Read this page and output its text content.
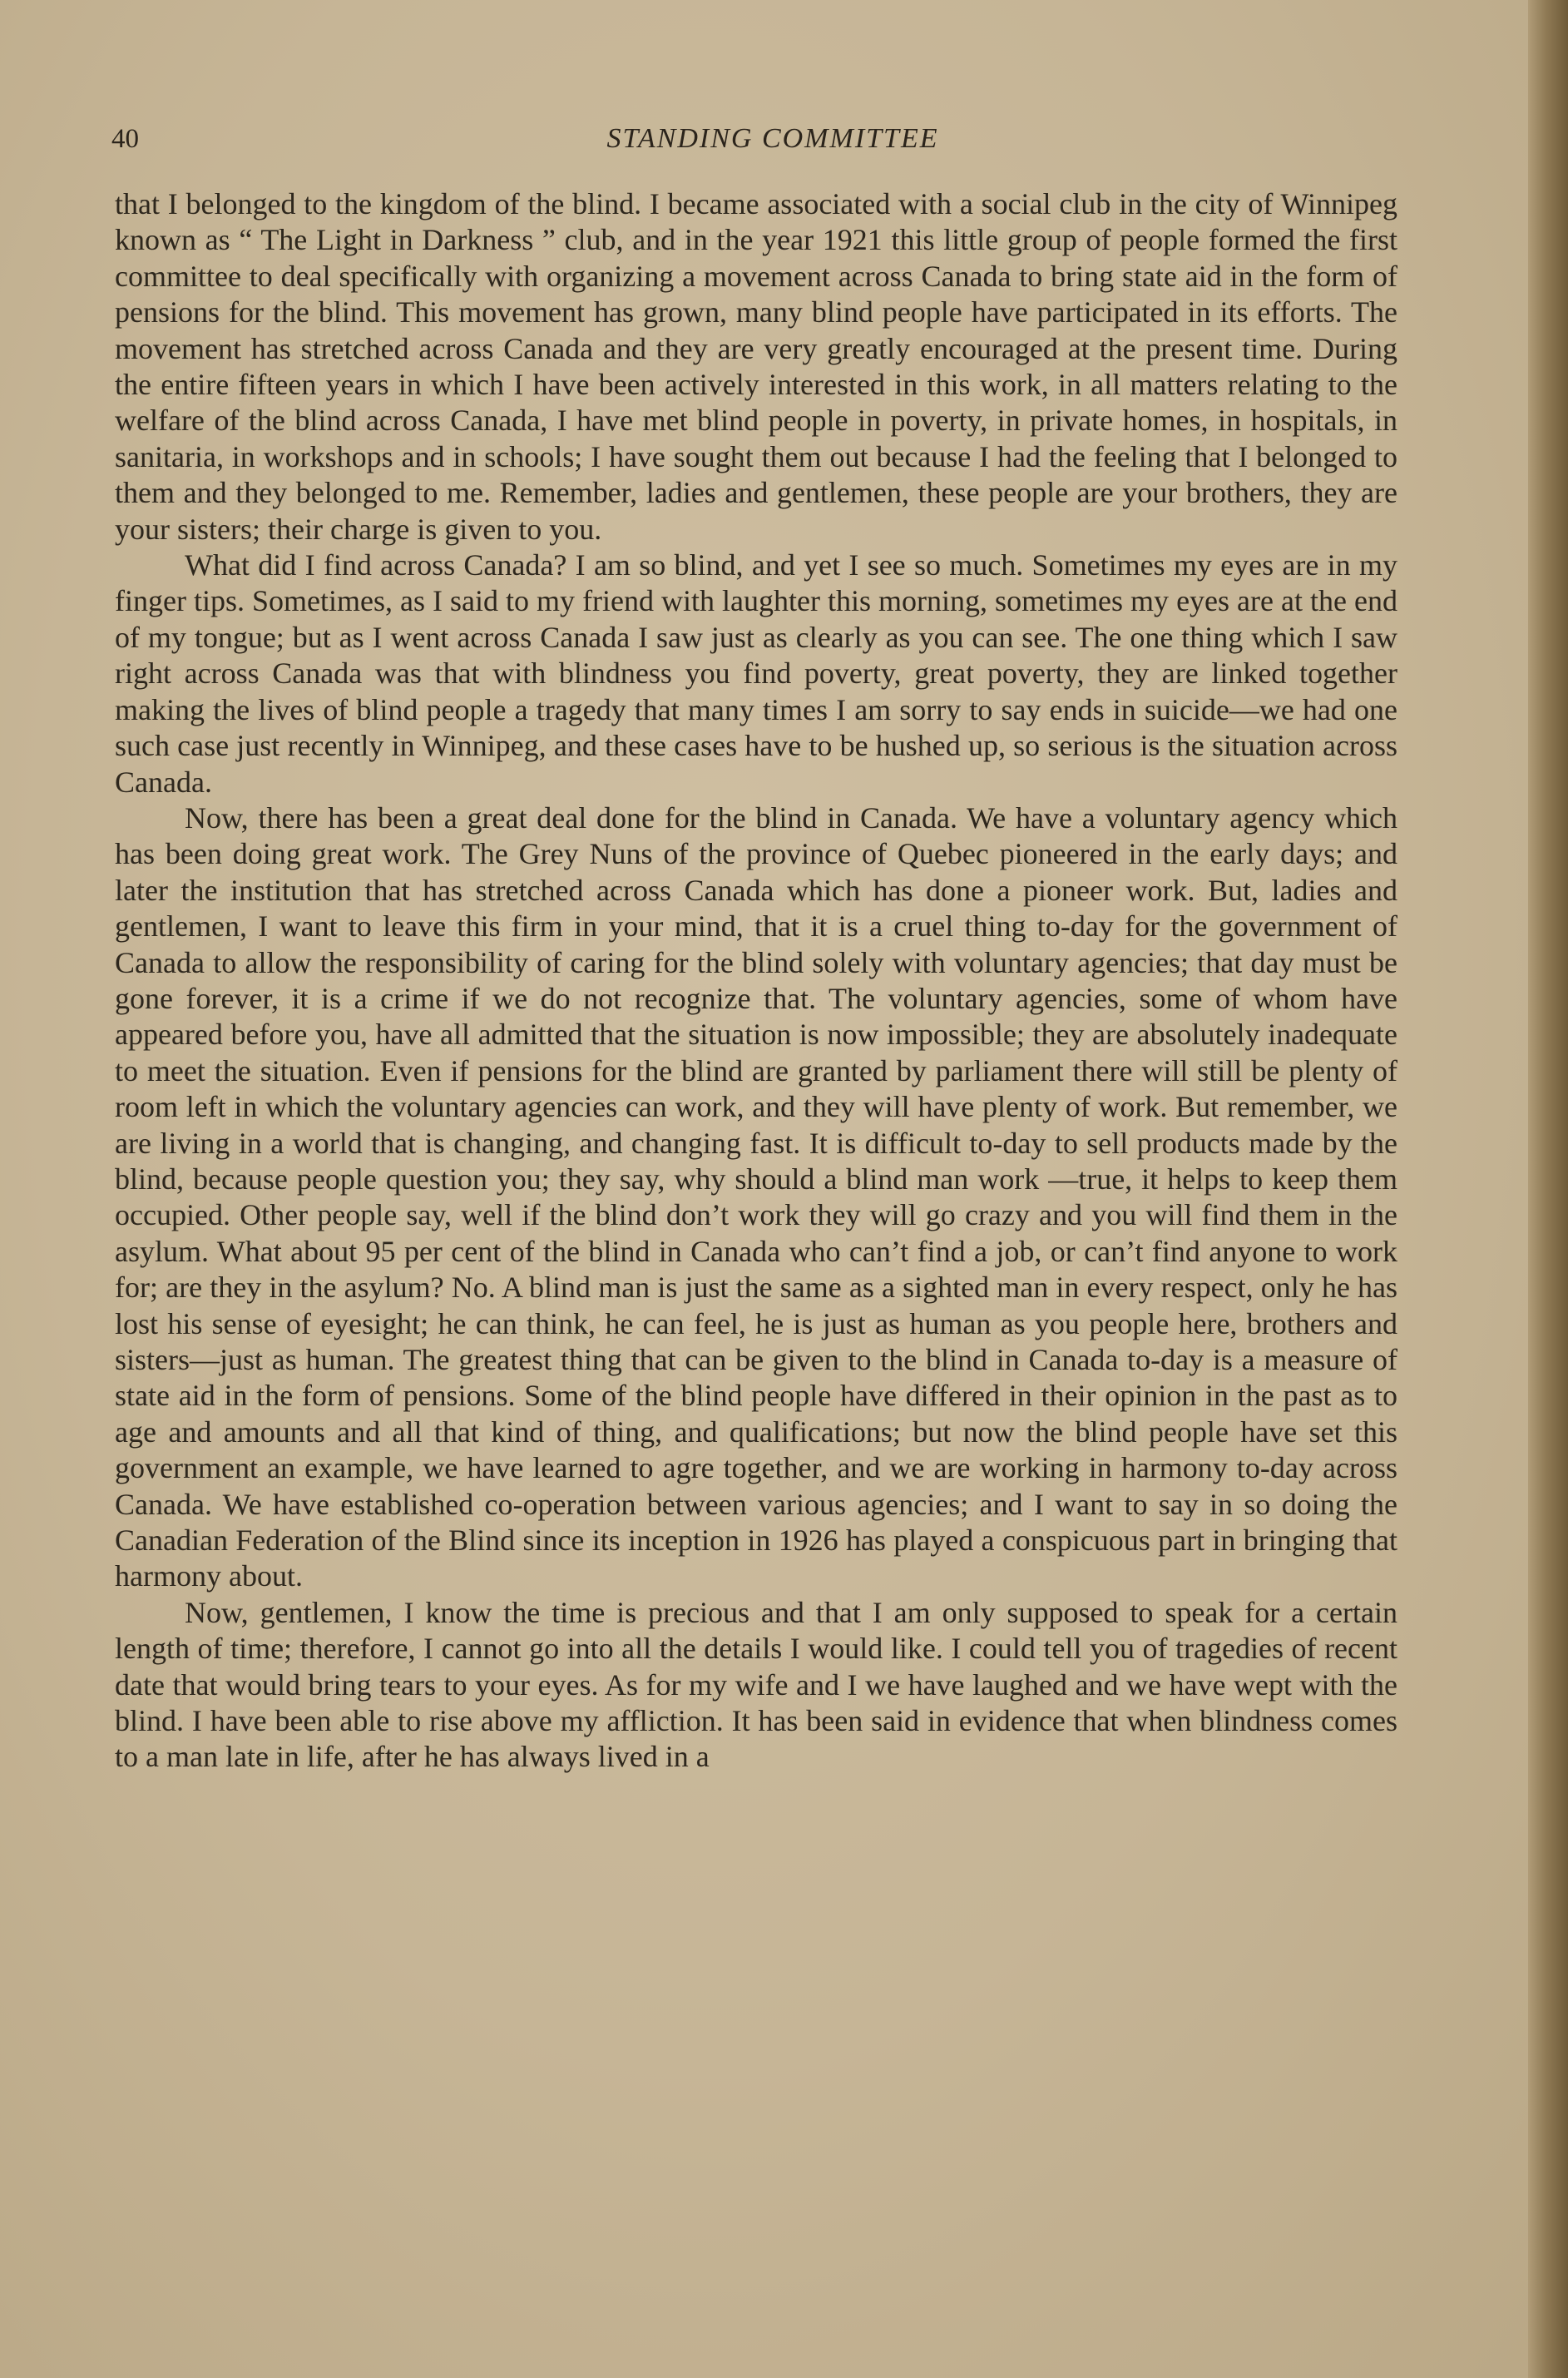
40	STANDING COMMITTEE

that I belonged to the kingdom of the blind. I became associated with a social club in the city of Winnipeg known as “ The Light in Darkness ” club, and in the year 1921 this little group of people formed the first committee to deal specifically with organizing a movement across Canada to bring state aid in the form of pensions for the blind. This movement has grown, many blind people have participated in its efforts. The movement has stretched across Canada and they are very greatly encouraged at the present time. During the entire fifteen years in which I have been actively interested in this work, in all matters relating to the welfare of the blind across Canada, I have met blind people in poverty, in private homes, in hospitals, in sanitaria, in workshops and in schools; I have sought them out because I had the feeling that I belonged to them and they belonged to me. Remember, ladies and gentlemen, these people are your brothers, they are your sisters; their charge is given to you.

What did I find across Canada? I am so blind, and yet I see so much. Sometimes my eyes are in my finger tips. Sometimes, as I said to my friend with laughter this morning, sometimes my eyes are at the end of my tongue; but as I went across Canada I saw just as clearly as you can see. The one thing which I saw right across Canada was that with blindness you find poverty, great poverty, they are linked together making the lives of blind people a tragedy that many times I am sorry to say ends in suicide—we had one such case just recently in Winnipeg, and these cases have to be hushed up, so serious is the situation across Canada.

Now, there has been a great deal done for the blind in Canada. We have a voluntary agency which has been doing great work. The Grey Nuns of the province of Quebec pioneered in the early days; and later the institution that has stretched across Canada which has done a pioneer work. But, ladies and gentlemen, I want to leave this firm in your mind, that it is a cruel thing to-day for the government of Canada to allow the responsibility of caring for the blind solely with voluntary agencies; that day must be gone forever, it is a crime if we do not recognize that. The voluntary agencies, some of whom have appeared before you, have all admitted that the situation is now impossible; they are absolutely inadequate to meet the situation. Even if pensions for the blind are granted by parliament there will still be plenty of room left in which the voluntary agencies can work, and they will have plenty of work. But remember, we are living in a world that is changing, and changing fast. It is difficult to-day to sell products made by the blind, because people question you; they say, why should a blind man work —true, it helps to keep them occupied. Other people say, well if the blind don’t work they will go crazy and you will find them in the asylum. What about 95 per cent of the blind in Canada who can’t find a job, or can’t find anyone to work for; are they in the asylum? No. A blind man is just the same as a sighted man in every respect, only he has lost his sense of eyesight; he can think, he can feel, he is just as human as you people here, brothers and sisters—just as human. The greatest thing that can be given to the blind in Canada to-day is a measure of state aid in the form of pensions. Some of the blind people have differed in their opinion in the past as to age and amounts and all that kind of thing, and qualifications; but now the blind people have set this government an example, we have learned to agre together, and we are working in harmony to-day across Canada. We have established co-operation between various agencies; and I want to say in so doing the Canadian Federation of the Blind since its inception in 1926 has played a conspicuous part in bringing that harmony about.

Now, gentlemen, I know the time is precious and that I am only supposed to speak for a certain length of time; therefore, I cannot go into all the details I would like. I could tell you of tragedies of recent date that would bring tears to your eyes. As for my wife and I we have laughed and we have wept with the blind. I have been able to rise above my affliction. It has been said in evidence that when blindness comes to a man late in life, after he has always lived in a
